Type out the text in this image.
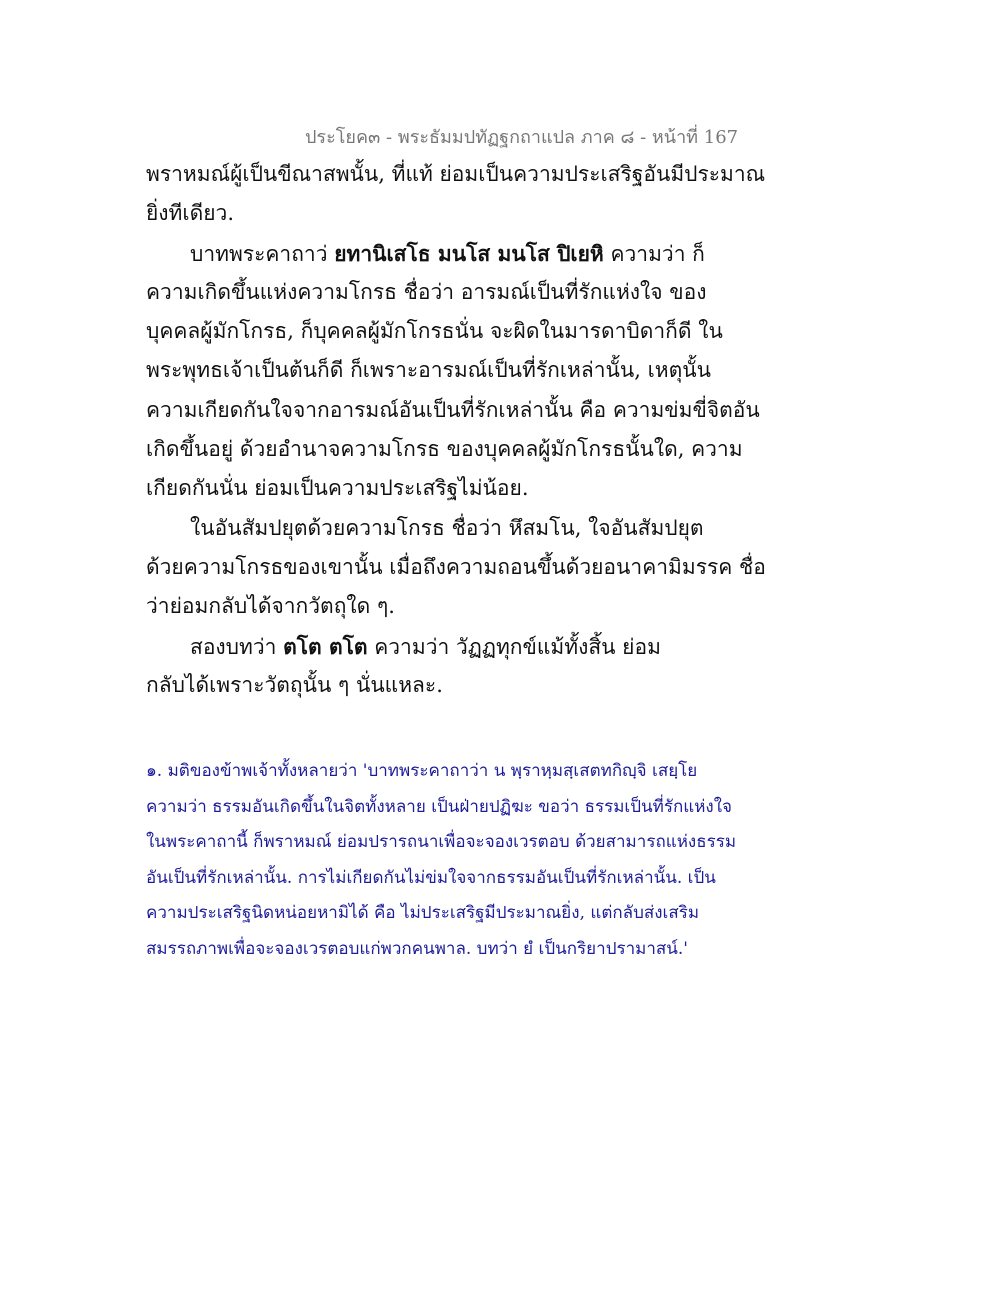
ประโยค๓ - พระธัมมปทัฏฐกถาแปล ภาค ๘ - หน้าที่ 167
พราหมณ์ผู้เป็นขีณาสพนั้น, ที่แท้ ย่อมเป็นความประเสริฐอันมีประมาณ
ยิ่งทีเดียว.
บาทพระคาถาว่ ยทานิเสโธ มนโส มนโส ปิเยหิ ความว่า ก็
ความเกิดขึ้นแห่งความโกรธ ชื่อว่า อารมณ์เป็นที่รักแห่งใจ ของ
บุคคลผู้มักโกรธ, ก็บุคคลผู้มักโกรธนั่น จะผิดในมารดาบิดาก็ดี ใน
พระพุทธเจ้าเป็นต้นก็ดี ก็เพราะอารมณ์เป็นที่รักเหล่านั้น, เหตุนั้น
ความเกียดกันใจจากอารมณ์อันเป็นที่รักเหล่านั้น คือ ความข่มขี่จิตอัน
เกิดขึ้นอยู่ ด้วยอำนาจความโกรธ ของบุคคลผู้มักโกรธนั้นใด, ความ
เกียดกันนั่น ย่อมเป็นความประเสริฐไม่น้อย.
ในอันสัมปยุตด้วยความโกรธ ชื่อว่า หึสมโน, ใจอันสัมปยุต
ด้วยความโกรธของเขานั้น เมื่อถึงความถอนขึ้นด้วยอนาคามิมรรค ชื่อ
ว่าย่อมกลับได้จากวัตถุใด ๆ.
สองบทว่า ตโต ตโต ความว่า วัฏฏทุกข์แม้ทั้งสิ้น ย่อม
กลับได้เพราะวัตถุนั้น ๆ นั่นแหละ.
๑. มติของข้าพเจ้าทั้งหลายว่า 'บาทพระคาถาว่า น พฺราหฺมสฺเสตทกิญฺจิ เสยฺโย
ความว่า ธรรมอันเกิดขึ้นในจิตทั้งหลาย เป็นฝ่ายปฏิฆะ ขอว่า ธรรมเป็นที่รักแห่งใจ
ในพระคาถานี้ ก็พราหมณ์ ย่อมปรารถนาเพื่อจะจองเวรตอบ ด้วยสามารถแห่งธรรม
อันเป็นที่รักเหล่านั้น. การไม่เกียดกันไม่ข่มใจจากธรรมอันเป็นที่รักเหล่านั้น. เป็น
ความประเสริฐนิดหน่อยหามิได้ คือ ไม่ประเสริฐมีประมาณยิ่ง, แต่กลับส่งเสริม
สมรรถภาพเพื่อจะจองเวรตอบแก่พวกคนพาล. บทว่า ยํ เป็นกริยาปรามาสน์.'
